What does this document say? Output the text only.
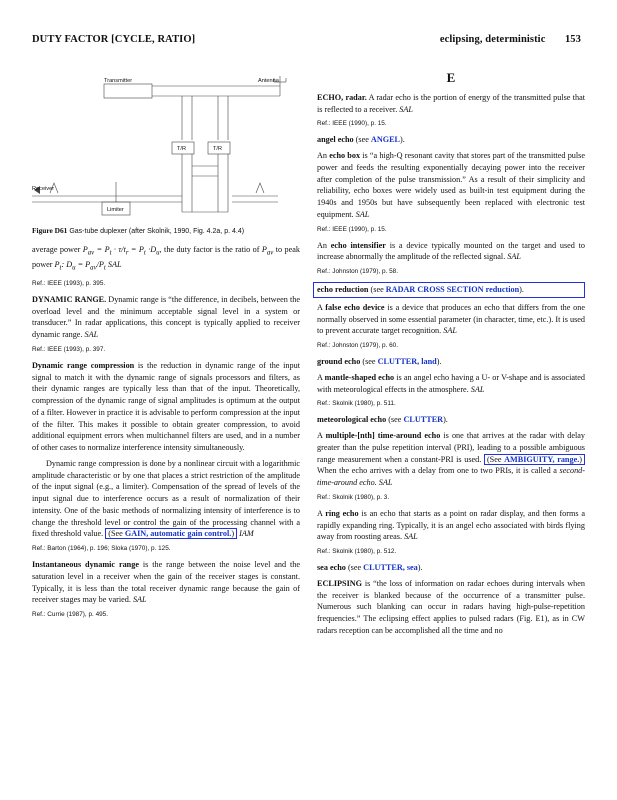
DUTY FACTOR [CYCLE, RATIO]	eclipsing, deterministic 153
Transmitter	Antenna
T/R	T/R
Receiver
Limiter
Figure D61 Gas-tube duplexer (after Skolnik, 1990, Fig. 4.2a, p. 4.4)

average power $P_{av} = P_t \cdot \tau/t_r = P_t \cdot D_u$, the duty factor is the ratio of $P_{av}$ to peak power $P_t$: $D_u = P_{av}/P_t$ SAL

Ref.: IEEE (1993), p. 395.

DYNAMIC RANGE. Dynamic range is “the difference, in decibels, between the overload level and the minimum acceptable signal level in a system or transducer.” In radar applications, this concept is typically applied to receiver dynamic range. SAL

Ref.: IEEE (1993), p. 397.

Dynamic range compression is the reduction in dynamic range of the input signal to match it with the dynamic range of signals processors and filters, as their dynamic ranges are typically less than that of the input. Theoretically, compression of the dynamic range of signal amplitudes is optimum at the output of a filter. However in practice it is advisable to perform compression at the input of the filter. This makes it possible to obtain greater compression, to avoid additional equipment errors when multichannel filters are used, and in a number of other cases to normalize interference intensity simultaneously.

Dynamic range compression is done by a nonlinear circuit with a logarithmic amplitude characteristic or by one that places a strict restriction of the amplitude of the input signal (e.g., a limiter). Compensation of the spread of levels of the input signal due to interference occurs as a result of normalization of their intensity. One of the basic methods of normalizing intensity of interference is to change the threshold level or control the gain of the processing channel with a fixed threshold value. (See GAIN, automatic gain control.) IAM

Ref.: Barton (1964), p. 196; Sloka (1970), p. 125.

Instantaneous dynamic range is the range between the noise level and the saturation level in a receiver when the gain of the receiver stages is constant. Typically, it is less than the total receiver dynamic range because the gain of receiver stages may be varied. SAL

Ref.: Currie (1987), p. 495.

E

ECHO, radar. A radar echo is the portion of energy of the transmitted pulse that is reflected to a receiver. SAL

Ref.: IEEE (1990), p. 15.

angel echo (see ANGEL).

An echo box is “a high-Q resonant cavity that stores part of the transmitted pulse power and feeds the resulting exponentially decaying power into the receiver after completion of the pulse transmission.” As a result of their simplicity and reliability, echo boxes were widely used as built-in test equipment during the 1940s and 1950s but have subsequently been replaced with electronic test equipment. SAL

Ref.: IEEE (1990), p. 15.

An echo intensifier is a device typically mounted on the target and used to increase abnormally the amplitude of the reflected signal. SAL

Ref.: Johnston (1979), p. 58.

echo reduction (see RADAR CROSS SECTION reduction).

A false echo device is a device that produces an echo that differs from the one normally observed in some essential parameter (in character, time, etc.). It is used to prevent accurate target recognition. SAL

Ref.: Johnston (1979), p. 60.

ground echo (see CLUTTER, land).

A mantle-shaped echo is an angel echo having a U- or V-shape and is associated with meteorological effects in the atmosphere. SAL

Ref.: Skolnik (1980), p. 511.

meteorological echo (see CLUTTER).

A multiple-[nth] time-around echo is one that arrives at the radar with delay greater than the pulse repetition interval (PRI), leading to a possible ambiguous range measurement when a constant-PRI is used. (See AMBIGUITY, range.) When the echo arrives with a delay from one to two PRIs, it is called a second-time-around echo. SAL

Ref.: Skolnik (1980), p. 3.

A ring echo is an echo that starts as a point on radar display, and then forms a rapidly expanding ring. Typically, it is an angel echo associated with birds flying away from roosting areas. SAL

Ref.: Skolnik (1980), p. 512.

sea echo (see CLUTTER, sea).

ECLIPSING is “the loss of information on radar echoes during intervals when the receiver is blanked because of the occurrence of a transmitter pulse. Numerous such blanking can occur in radars having high-pulse-repetition frequencies.” The eclipsing effect applies to pulsed radars (Fig. E1), as in CW radars reception can be accomplished all the time and no
